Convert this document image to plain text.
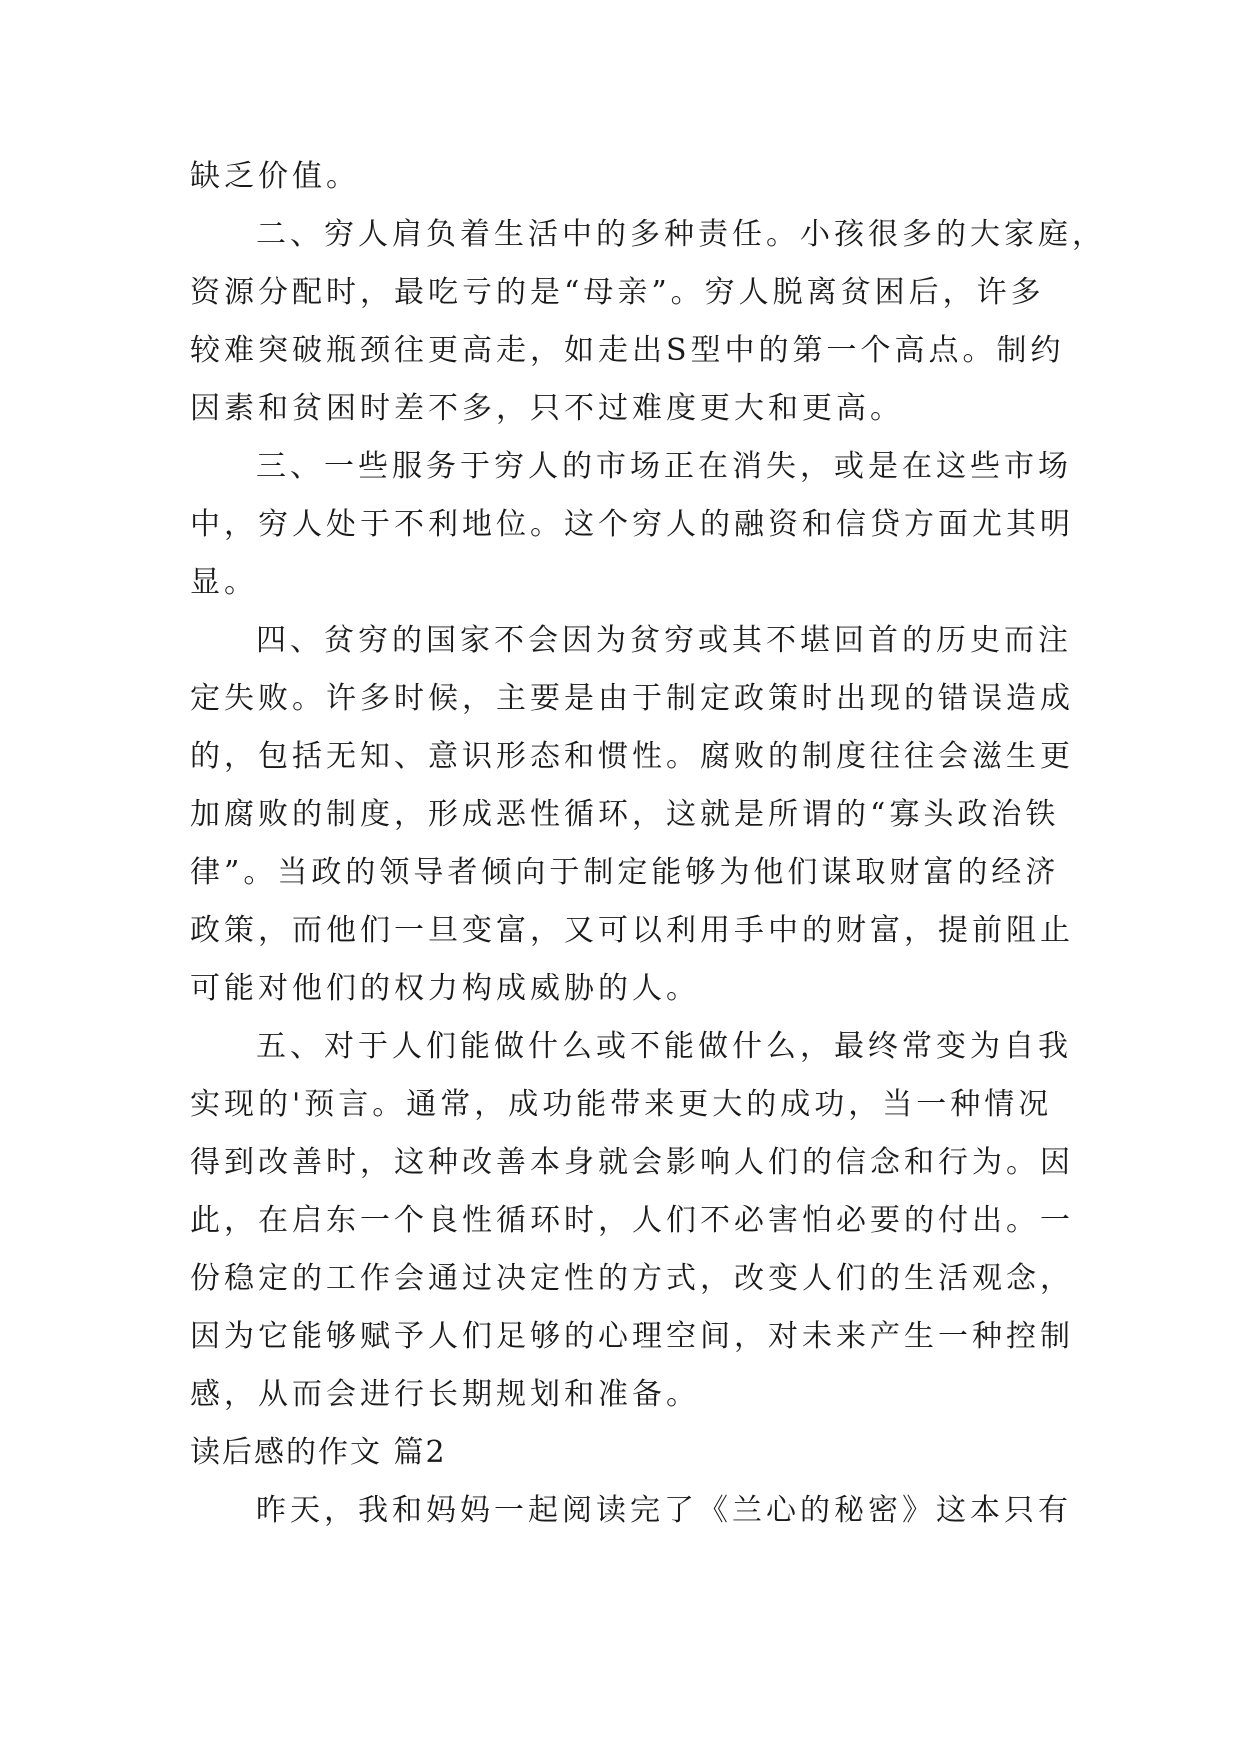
缺乏价值。
二、穷人肩负着生活中的多种责任。小孩很多的大家庭，
资源分配时，最吃亏的是“母亲”。穷人脱离贫困后，许多
较难突破瓶颈往更高走，如走出S型中的第一个高点。制约
因素和贫困时差不多，只不过难度更大和更高。
三、一些服务于穷人的市场正在消失，或是在这些市场
中，穷人处于不利地位。这个穷人的融资和信贷方面尤其明
显。
四、贫穷的国家不会因为贫穷或其不堪回首的历史而注
定失败。许多时候，主要是由于制定政策时出现的错误造成
的，包括无知、意识形态和惯性。腐败的制度往往会滋生更
加腐败的制度，形成恶性循环，这就是所谓的“寡头政治铁
律”。当政的领导者倾向于制定能够为他们谋取财富的经济
政策，而他们一旦变富，又可以利用手中的财富，提前阻止
可能对他们的权力构成威胁的人。
五、对于人们能做什么或不能做什么，最终常变为自我
实现的'预言。通常，成功能带来更大的成功，当一种情况
得到改善时，这种改善本身就会影响人们的信念和行为。因
此，在启东一个良性循环时，人们不必害怕必要的付出。一
份稳定的工作会通过决定性的方式，改变人们的生活观念，
因为它能够赋予人们足够的心理空间，对未来产生一种控制
感，从而会进行长期规划和准备。
读后感的作文 篇2
昨天，我和妈妈一起阅读完了《兰心的秘密》这本只有
